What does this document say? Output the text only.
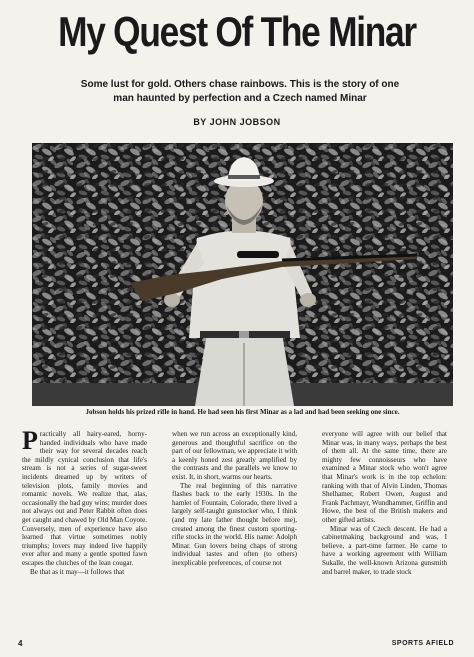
My Quest Of The Minar
Some lust for gold. Others chase rainbows. This is the story of one
man haunted by perfection and a Czech named Minar
BY JOHN JOBSON
Jobson holds his prized rifle in hand. He had seen his first Minar as a lad and had been seeking one since.

Practically all hairy-eared, horny-handed individuals who have made their way for several decades reach the mildly cynical conclusion that life's stream is not a series of sugar-sweet incidents dreamed up by writers of television plots, family movies and romantic novels. We realize that, alas, occasionally the bad guy wins; murder does not always out and Peter Rabbit often does get caught and chawed by Old Man Coyote. Conversely, men of experience have also learned that virtue sometimes nobly triumphs; lovers may indeed live happily ever after and many a gentle spotted fawn escapes the clutches of the lean cougar.

Be that as it may—it follows that

when we run across an exceptionally kind, generous and thoughtful sacrifice on the part of our fellowman, we appreciate it with a keenly honed zest greatly amplified by the contrasts and the parallels we know to exist. It, in short, warms our hearts.

The real beginning of this narrative flashes back to the early 1930s. In the hamlet of Fountain, Colorado, there lived a largely self-taught gunstocker who, I think (and my late father thought before me), created among the finest custom sporting-rifle stocks in the world. His name: Adolph Minar. Gun lovers being chaps of strong individual tastes and often (to others) inexplicable preferences, of course not

everyone will agree with our belief that Minar was, in many ways, perhaps the best of them all. At the same time, there are mighty few connoisseurs who have examined a Minar stock who won't agree that Minar's work is in the top echelon: ranking with that of Alvin Linden, Thomas Shelhamer, Robert Owen, August and Frank Pachmayr, Wundhammer, Griffin and Howe, the best of the British makers and other gifted artists.

Minar was of Czech descent. He had a cabinetmaking background and was, I believe, a part-time farmer. He came to have a working agreement with William Sukalle, the well-known Arizona gunsmith and barrel maker, to trade stock

4	SPORTS AFIELD
